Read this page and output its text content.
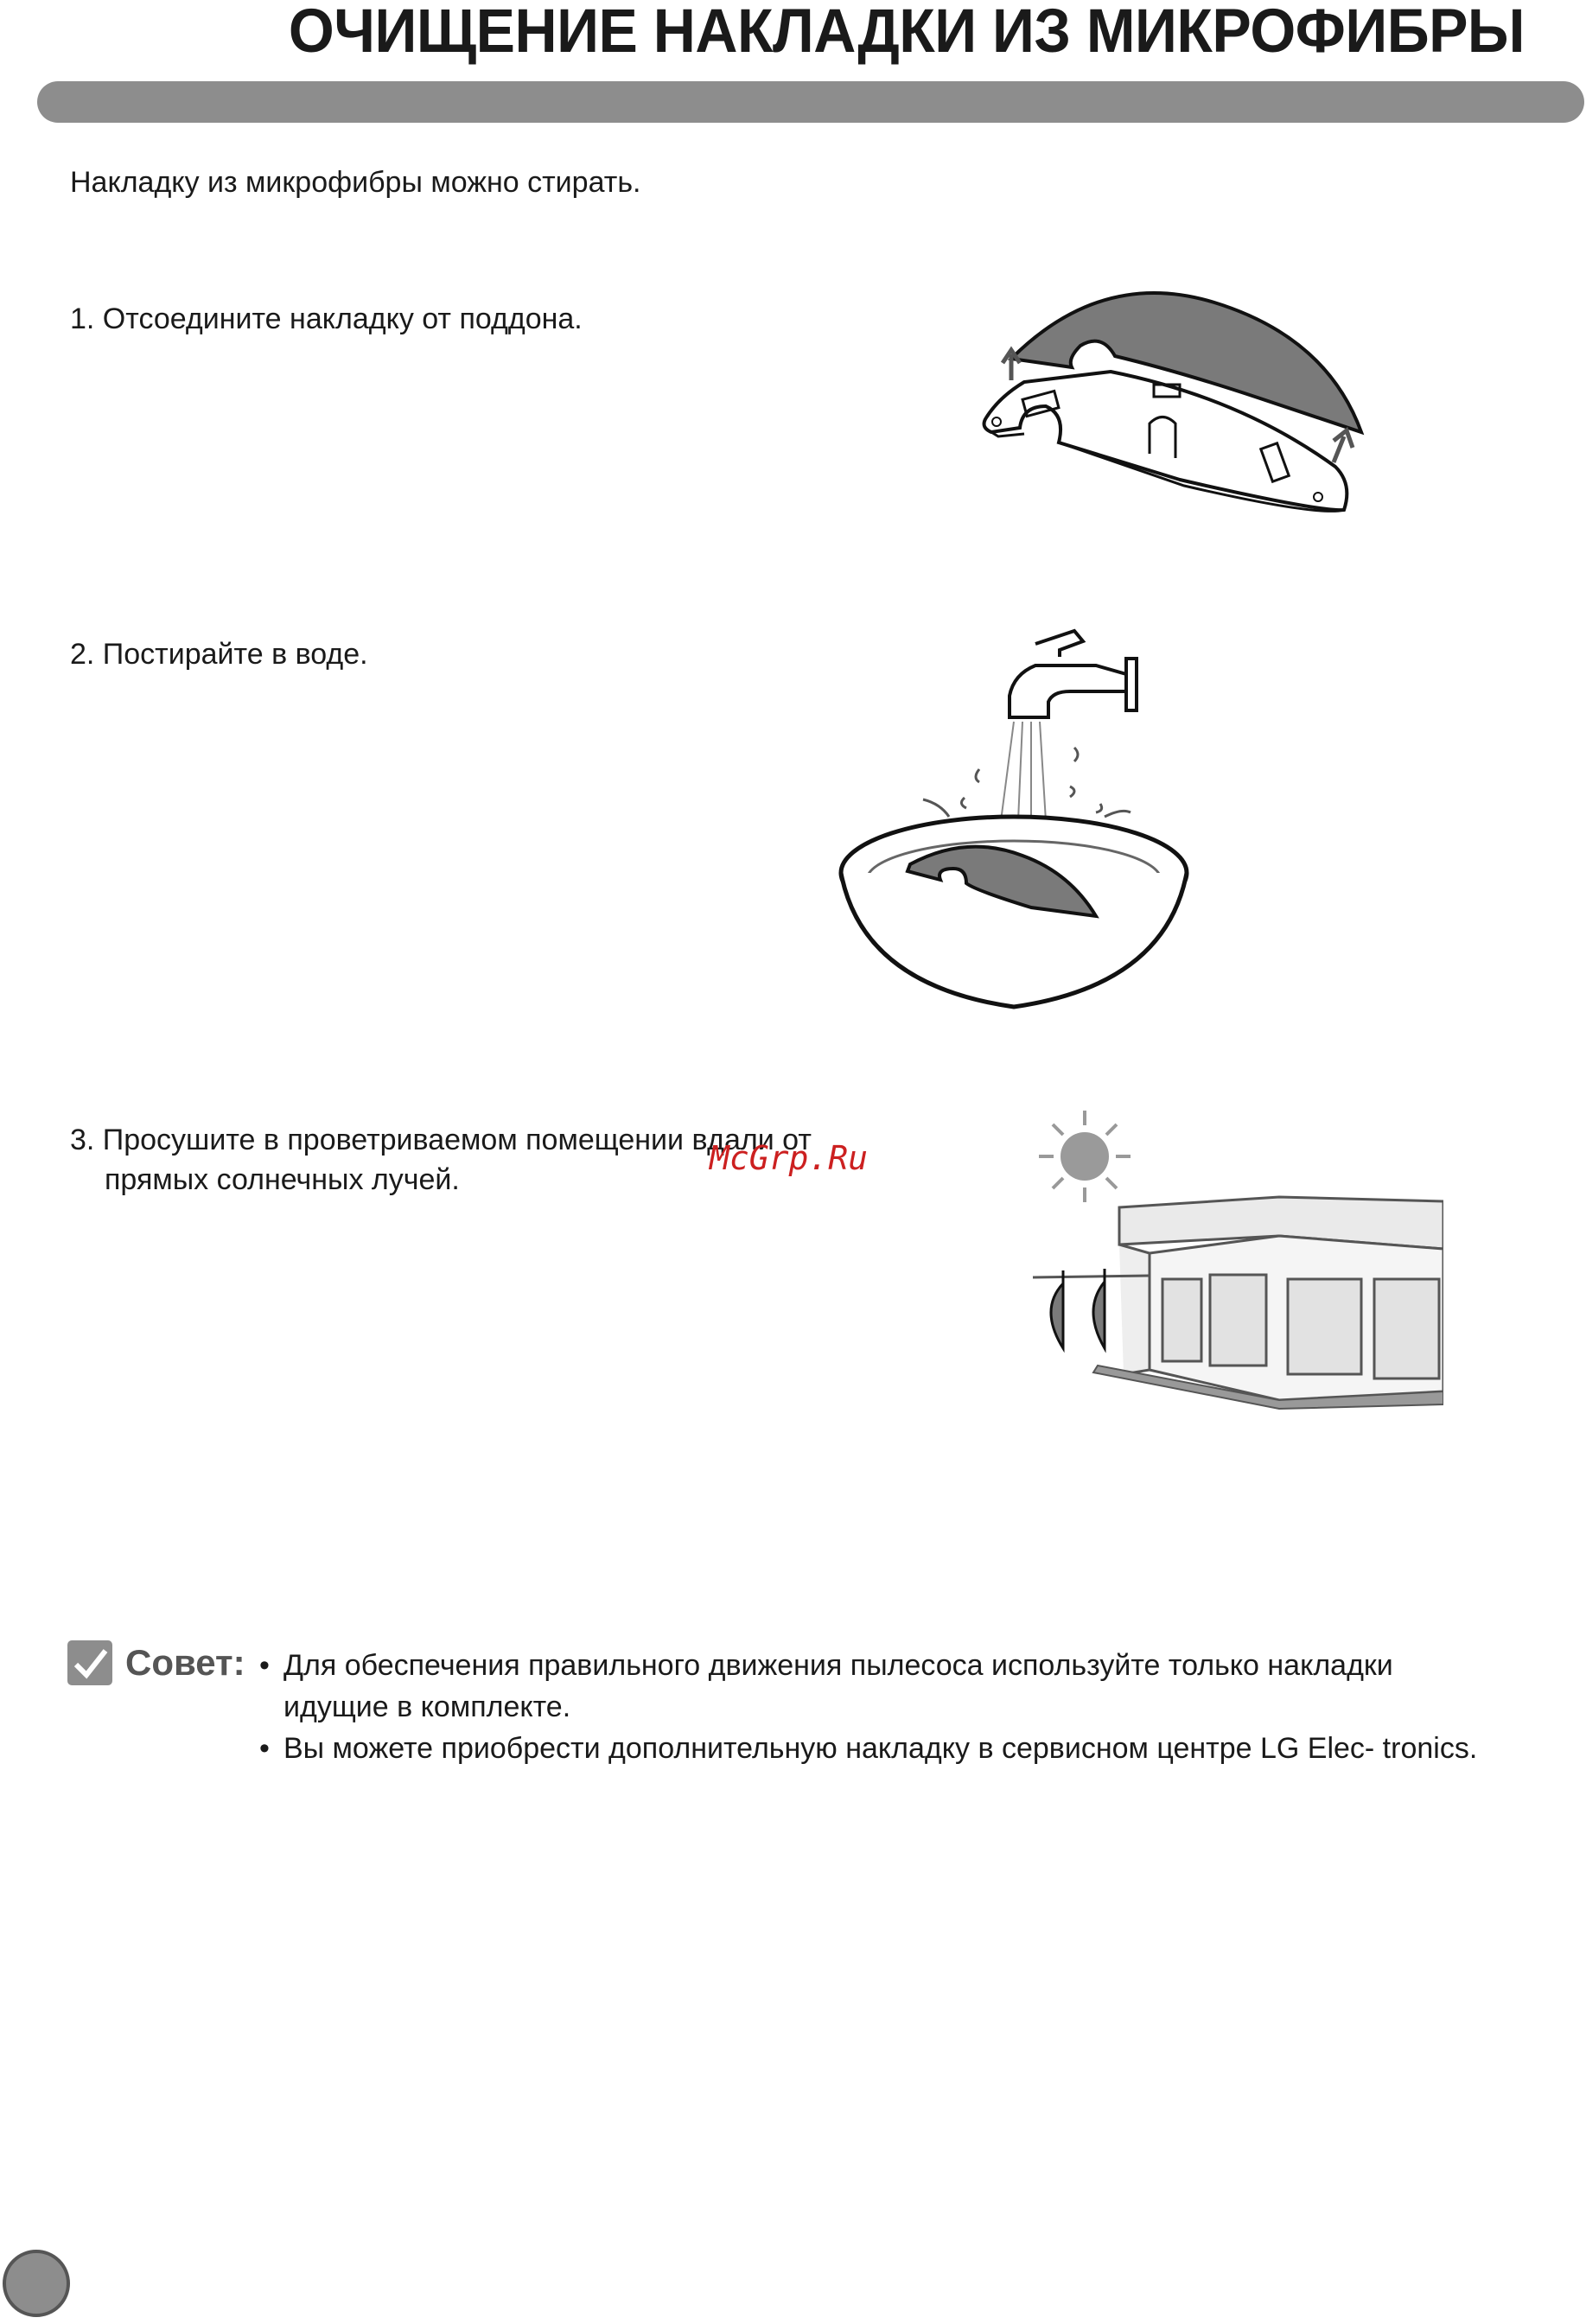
ОЧИЩЕНИЕ НАКЛАДКИ ИЗ МИКРОФИБРЫ
Накладку из микрофибры можно стирать.
1. Отсоедините накладку от поддона.
2. Постирайте в воде.
3. Просушите в проветриваемом помещении вдали от
прямых солнечных лучей.
McGrp.Ru
Совет:
•	Для обеспечения правильного движения пылесоса используйте только накладки идущие в комплекте.
• Вы можете приобрести дополнительную накладку в сервисном центре LG Elec- tronics.
